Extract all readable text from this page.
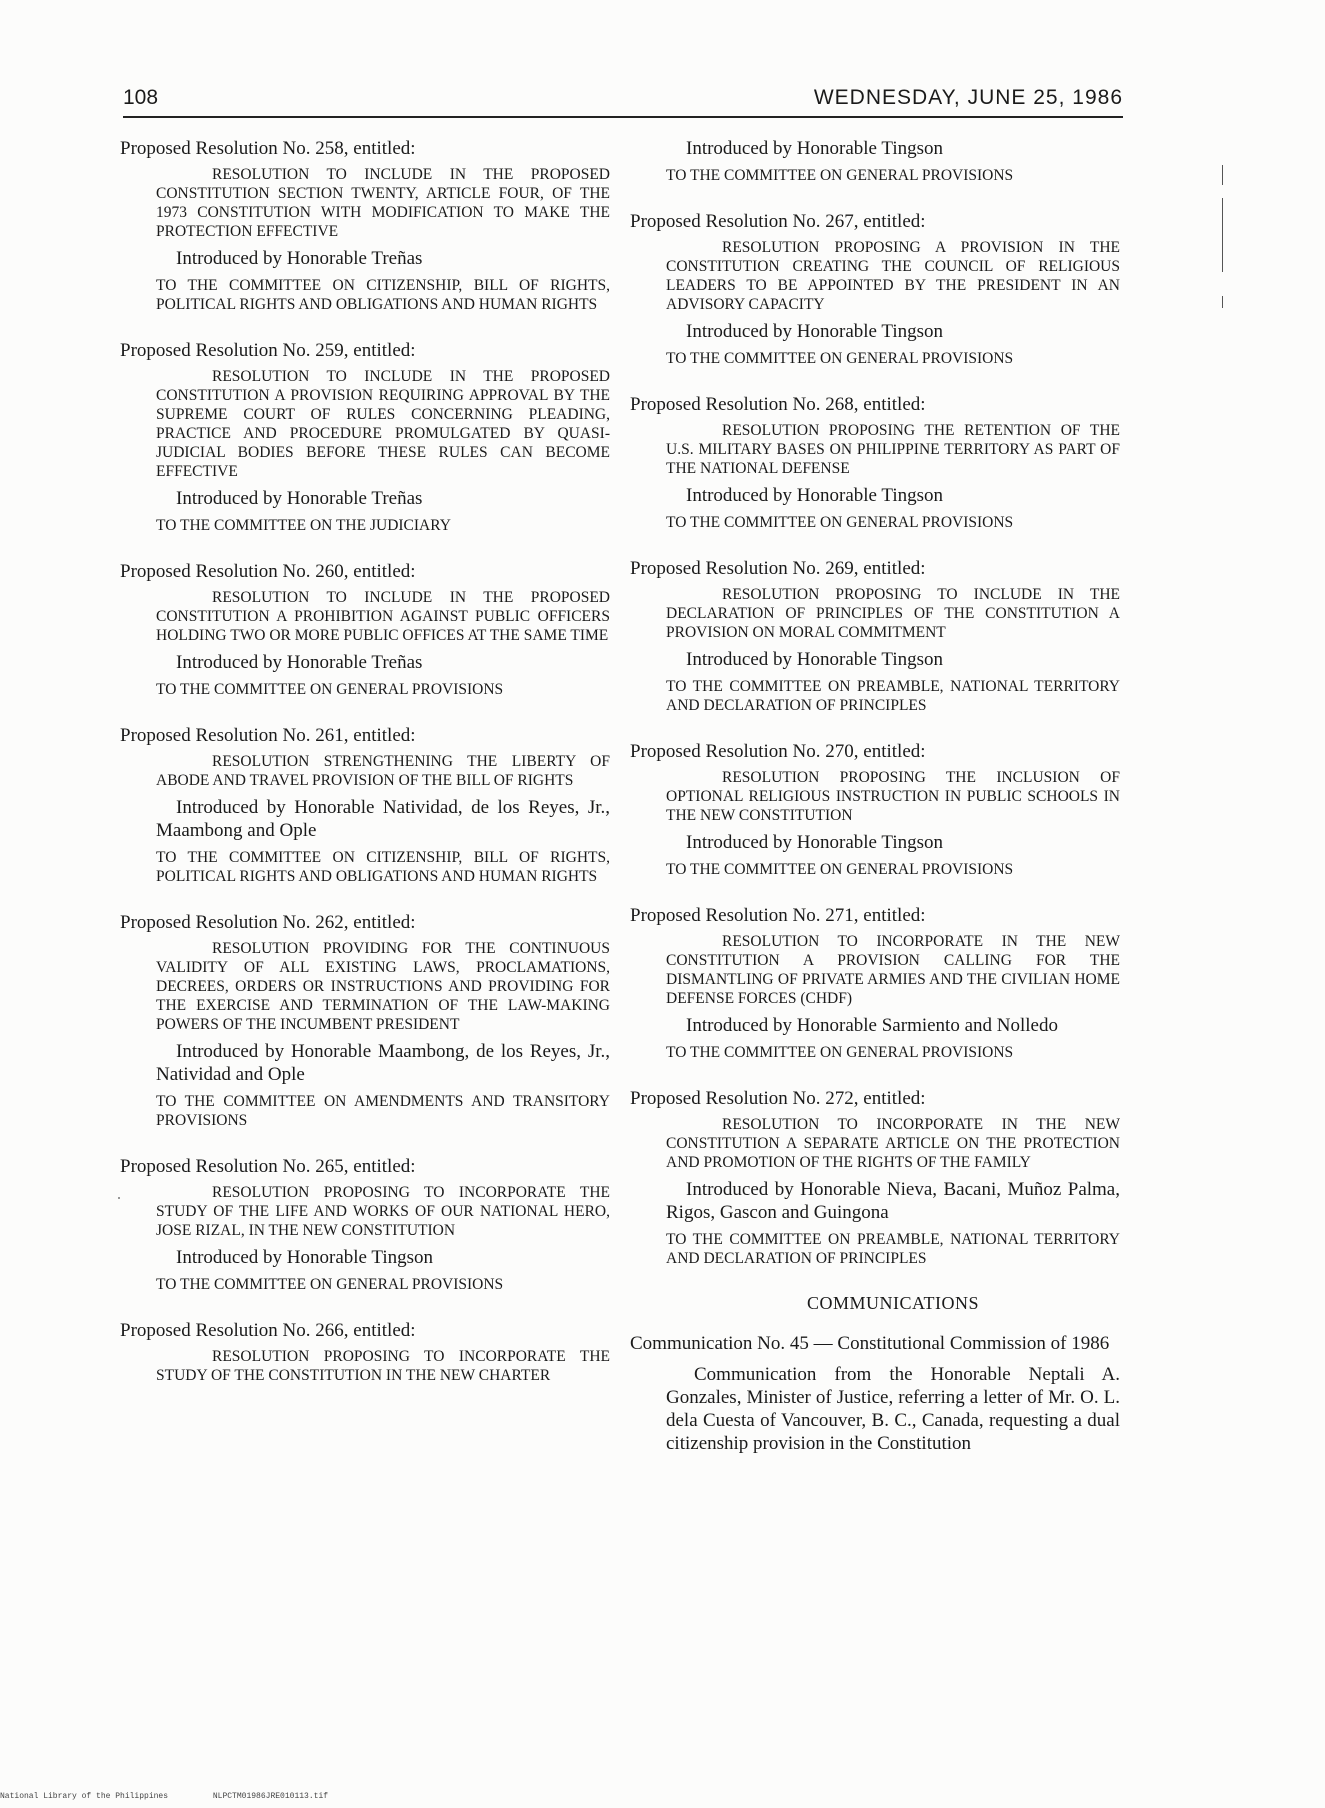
108	WEDNESDAY, JUNE 25, 1986
Proposed Resolution No. 258, entitled:
RESOLUTION TO INCLUDE IN THE PROPOSED CONSTITUTION SECTION TWENTY, ARTICLE FOUR, OF THE 1973 CONSTITUTION WITH MODIFICATION TO MAKE THE PROTECTION EFFECTIVE
Introduced by Honorable Treñas
TO THE COMMITTEE ON CITIZENSHIP, BILL OF RIGHTS, POLITICAL RIGHTS AND OBLIGATIONS AND HUMAN RIGHTS
Proposed Resolution No. 259, entitled:
RESOLUTION TO INCLUDE IN THE PROPOSED CONSTITUTION A PROVISION REQUIRING APPROVAL BY THE SUPREME COURT OF RULES CONCERNING PLEADING, PRACTICE AND PROCEDURE PROMULGATED BY QUASI-JUDICIAL BODIES BEFORE THESE RULES CAN BECOME EFFECTIVE
Introduced by Honorable Treñas
TO THE COMMITTEE ON THE JUDICIARY
Proposed Resolution No. 260, entitled:
RESOLUTION TO INCLUDE IN THE PROPOSED CONSTITUTION A PROHIBITION AGAINST PUBLIC OFFICERS HOLDING TWO OR MORE PUBLIC OFFICES AT THE SAME TIME
Introduced by Honorable Treñas
TO THE COMMITTEE ON GENERAL PROVISIONS
Proposed Resolution No. 261, entitled:
RESOLUTION STRENGTHENING THE LIBERTY OF ABODE AND TRAVEL PROVISION OF THE BILL OF RIGHTS
Introduced by Honorable Natividad, de los Reyes, Jr., Maambong and Ople
TO THE COMMITTEE ON CITIZENSHIP, BILL OF RIGHTS, POLITICAL RIGHTS AND OBLIGATIONS AND HUMAN RIGHTS
Proposed Resolution No. 262, entitled:
RESOLUTION PROVIDING FOR THE CONTINUOUS VALIDITY OF ALL EXISTING LAWS, PROCLAMATIONS, DECREES, ORDERS OR INSTRUCTIONS AND PROVIDING FOR THE EXERCISE AND TERMINATION OF THE LAW-MAKING POWERS OF THE INCUMBENT PRESIDENT
Introduced by Honorable Maambong, de los Reyes, Jr., Natividad and Ople
TO THE COMMITTEE ON AMENDMENTS AND TRANSITORY PROVISIONS
Proposed Resolution No. 265, entitled:
RESOLUTION PROPOSING TO INCORPORATE THE STUDY OF THE LIFE AND WORKS OF OUR NATIONAL HERO, JOSE RIZAL, IN THE NEW CONSTITUTION
Introduced by Honorable Tingson
TO THE COMMITTEE ON GENERAL PROVISIONS
Proposed Resolution No. 266, entitled:
RESOLUTION PROPOSING TO INCORPORATE THE STUDY OF THE CONSTITUTION IN THE NEW CHARTER
Introduced by Honorable Tingson
TO THE COMMITTEE ON GENERAL PROVISIONS
Proposed Resolution No. 267, entitled:
RESOLUTION PROPOSING A PROVISION IN THE CONSTITUTION CREATING THE COUNCIL OF RELIGIOUS LEADERS TO BE APPOINTED BY THE PRESIDENT IN AN ADVISORY CAPACITY
Introduced by Honorable Tingson
TO THE COMMITTEE ON GENERAL PROVISIONS
Proposed Resolution No. 268, entitled:
RESOLUTION PROPOSING THE RETENTION OF THE U.S. MILITARY BASES ON PHILIPPINE TERRITORY AS PART OF THE NATIONAL DEFENSE
Introduced by Honorable Tingson
TO THE COMMITTEE ON GENERAL PROVISIONS
Proposed Resolution No. 269, entitled:
RESOLUTION PROPOSING TO INCLUDE IN THE DECLARATION OF PRINCIPLES OF THE CONSTITUTION A PROVISION ON MORAL COMMITMENT
Introduced by Honorable Tingson
TO THE COMMITTEE ON PREAMBLE, NATIONAL TERRITORY AND DECLARATION OF PRINCIPLES
Proposed Resolution No. 270, entitled:
RESOLUTION PROPOSING THE INCLUSION OF OPTIONAL RELIGIOUS INSTRUCTION IN PUBLIC SCHOOLS IN THE NEW CONSTITUTION
Introduced by Honorable Tingson
TO THE COMMITTEE ON GENERAL PROVISIONS
Proposed Resolution No. 271, entitled:
RESOLUTION TO INCORPORATE IN THE NEW CONSTITUTION A PROVISION CALLING FOR THE DISMANTLING OF PRIVATE ARMIES AND THE CIVILIAN HOME DEFENSE FORCES (CHDF)
Introduced by Honorable Sarmiento and Nolledo
TO THE COMMITTEE ON GENERAL PROVISIONS
Proposed Resolution No. 272, entitled:
RESOLUTION TO INCORPORATE IN THE NEW CONSTITUTION A SEPARATE ARTICLE ON THE PROTECTION AND PROMOTION OF THE RIGHTS OF THE FAMILY
Introduced by Honorable Nieva, Bacani, Muñoz Palma, Rigos, Gascon and Guingona
TO THE COMMITTEE ON PREAMBLE, NATIONAL TERRITORY AND DECLARATION OF PRINCIPLES
COMMUNICATIONS
Communication No. 45 — Constitutional Commission of 1986
Communication from the Honorable Neptali A. Gonzales, Minister of Justice, referring a letter of Mr. O. L. dela Cuesta of Vancouver, B. C., Canada, requesting a dual citizenship provision in the Constitution
National Library of the Philippines	NLPCTM01986JRE010113.tif
